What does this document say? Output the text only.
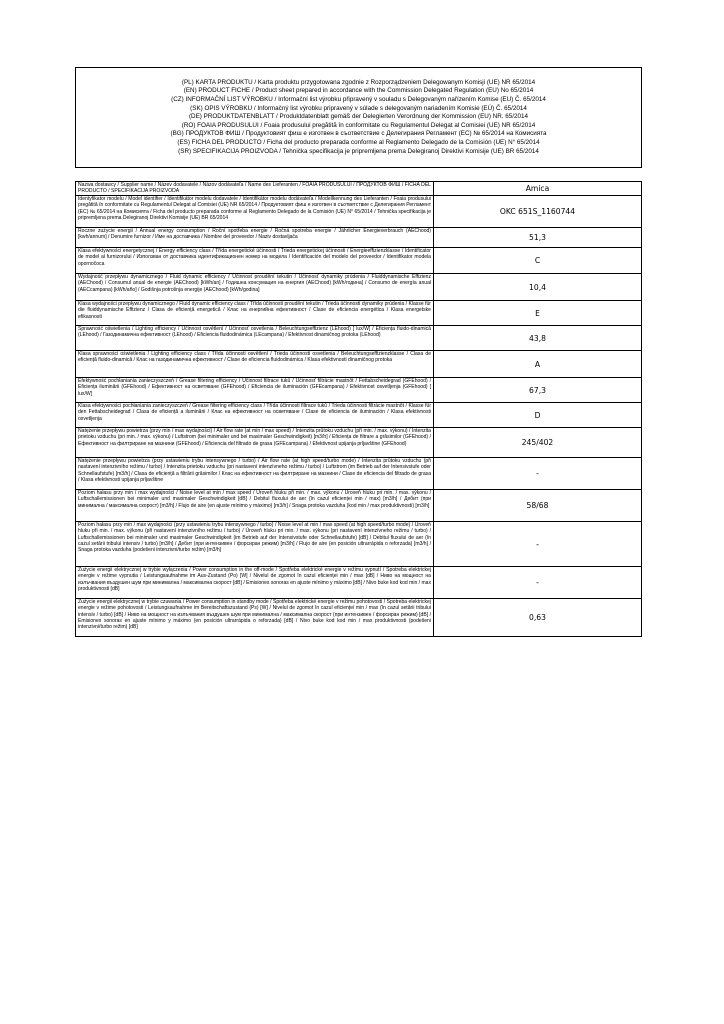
(PL) KARTA PRODUKTU / Karta produktu przygotowana zgodnie z Rozporządzeniem Delegowanym Komisji (UE) NR 65/2014
(EN) PRODUCT FICHE / Product sheet prepared in accordance with the Commission Delegated Regulation (EU) No 65/2014
(CZ) INFORMAČNÍ LIST VÝROBKU / Informační list výrobku připravený v souladu s Delegovaným nařízením Komise (EU) Č. 65/2014
(SK) OPIS VÝROBKU / Informačný list výrobku pripravený v súlade s delegovaným nariadením Komisie (EÚ) Č. 65/2014
(DE) PRODUKTDATENBLATT / Produktdatenblatt gemäß der Delegierten Verordnung der Kommission (EU) NR. 65/2014
(RO) FOAIA PRODUSULUI / Foaia produsului pregătită în conformitate cu Regulamentul Delegat al Comisiei (UE) NR 65/2014
(BG) ПРОДУКТОВ ФИШ / Продуктовият фиш е изготвен в съответствие с Делегирания Регламент (ЕС) № 65/2014 на Комисията
(ES) FICHA DEL PRODUCTO / Ficha del producto preparada conforme al Reglamento Delegado de la Comisión (UE) N° 65/2014
(SR) SPECIFIKACIJA PROIZVODA / Tehnička specifikacija je pripremljena prema Delegiranoj Direktivi Komisije (UE) BR 65/2014
Nazwa dostawcy / Supplier name / Název dodavatele / Názov dodávateľa / Name des Lieferanten / FOAIA PRODUSULUI / ПРОДУКТОВ ФИШ / FICHA DEL PRODUCTO / SPECIFIKACIJA PROIZVODA	Amica
Identyfikator modelu / Model identifier / Identifikátor modelu dodavatele / Identifikátor modelu dodávateľa / Modellkennung des Lieferanten / Foaia produsului pregătită în conformitate cu Regulamentul Delegat al Comisiei (UE) NR 65/2014 / Продуктовият фиш е изготвен в съответствие с Делегирания Регламент (ЕС) № 65/2014 на Комисията / Ficha del producto preparada conforme al Reglamento Delegado de la Comisión (UE) N° 65/2014 / Tehnička specifikacija je pripremljena prema Delegiranoj Direktivi Komisije (UE) BR 65/2014	OKC 651S_1160744
Roczne zużycie energii / Annual energy consumption / Roční spotřeba energie / Ročná spotreba energie / Jährlicher Energieverbrauch (AEChood) [kwh/annum] / Denumire furnizor / Име на доставчика / Nombre del proveedor / Naziv dostavljača	51,3
Klasa efektywności energetycznej / Energy efficiency class / Třída energetické účinnosti / Trieda energetickej účinnosti / Energieeffizienzklasse / Identificator de model al furnizorului / Използван от доставчика идентификационен номер на модела / Identificación del modelo del proveedor / Identifikator modela opornočoca	C
Wydajność przepływu dynamicznego / Fluid dynamic efficiency / Účinnost proudění tekutin / Účinnosť dynamiky prúdenia / Fluiddynamische Effizienz (AEChood) / Consumul anual de energie (AEChood) [kWh/an] / Годишна консумация на енергия (AEChood) [kWh/година] / Consumo de energía anual (AECcampana) [kWh/año] / Godišnja potrošnja energije (AEChood) [kWh/godina]	10,4
Klasa wydajności przepływu dynamicznego / Fluid dynamic efficiency class / Třída účinnosti proudění tekutin / Trieda účinnosti dynamiky prúdenia / Klasse für die fluiddynamische Effizienz / Clasa de eficiență energetică / Клас на енергийна ефективност / Clase de eficiencia energética / Klasa energetske efikasnosti	E
Sprawność oświetlenia / Lighting efficiency / Účinnost osvětlení / Účinnosť osvetlenia / Beleuchtungseffizienz (LEhood) [ lux/W] / Eficiența fluido-dinamică (LEhood) / Газодинамична ефективност (LEhood) / Eficiencia fluidodinámica (LEcampana) / Efektivnost dinamičnog protoka (LEhood)	43,8
Klasa sprawności oświetlenia / Lighting efficiency class / Třída účinnosti osvětlení / Trieda účinnosti osvetlenia / Beleuchtungseffizienzklasse / Clasa de eficiență fluido-dinamică / Клас на газодинамична ефективност / Clase de eficiencia fluidodinámica / Klasa efektivnosti dinamičnog protoka	A
Efektywność pochłaniania zanieczyszczeń / Grease filtering efficiency / Účinnost filtrace tuků / Účinnosť filtrácie mastnôt / Fettabscheidegrad (GFEhood) / Eficiența iluminării (GFEhood) / Ефективност на осветяване (GFEhood) / Eficiencia de iluminación (GFEcampana) / Efektivnost osvetljenja (GFEhood) [ lux/W]	67,3
Klasa efektywności pochłaniania zanieczyszczeń / Grease filtering efficiency class / Třída účinnosti filtrace tuků / Trieda účinnosti filtrácie mastnôt / Klasse für den Fettabscheidegrad / Clasa de eficiență a iluminării / Клас на ефективност на осветяване / Clase de eficiencia de iluminación / Klasa efektivnosti osvetljenja	D
Natężenie przepływu powietrza (przy min / max wydajności) / Air flow rate (at min / max speed) / Intenzita průtoku vzduchu (při min. / max. výkonu) / Intenzita prietoku vzduchu (pri min. / max. výkonu) / Luftstrom (bei minimaler und bei maximaler Geschwindigkeit) [m3/h] / Eficiența de filtrare a grăsimilor (GFEhood) / Ефективност на филтриране на мазнини (GFEhood) / Eficiencia del filtrado de grasa (GFEcampana) / Efektivnost upijanja prljavštine (GFEhood)	245/402
Natężenie przepływu powietrza (przy ustawieniu trybu intensywnego / turbo) / Air flow rate (at high speed/turbo mode) / Intenzita průtoku vzduchu (při nastavení intenzivního režimu / turbo) / Intenzita prietoku vzduchu (pri nastavení intenzívneho režimu / turbo) / Luftstrom (im Betrieb auf der Intensivstufe oder Schnellaufstufe) [m3/h] / Clasa de eficiență a filtrării grăsimilor / Клас на ефективност на филтриране на мазнини / Clase de eficiencia del filtrado de grasa / Klasa efektivnosti upijanja prljavštine	-
Poziom hałasu przy min / max wydajności / Noise level at min / max speed / Úroveň hluku při min. / max. výkonu / Úroveň hluku pri min. / max. výkonu / Luftschallemissionen bei minimaler und maximaler Geschwindigkeit [dB] / Debitul fluxului de aer (în cazul eficienței min / max) [m3/h] / Дебит (при минимална / максимална скорост) [m3/h] / Flujo de aire (en ajuste mínimo y máximo) [m3/h] / Snaga protoka vazduha (kod min / max produktivnosti) [m3/h]	58/68
Poziom hałasu przy min / max wydajności (przy ustawieniu trybu intensywnego / turbo) / Noise level at min / max speed (at high speed/turbo mode) / Úroveň hluku při min. / max. výkonu (při nastavení intenzivního režimu / turbo) / Úroveň hluku pri min. / max. výkonu (pri nastavení intenzívneho režimu / turbo) / Luftschallemissionen bei minimaler und maximaler Geschwindigkeit (im Betrieb auf der Intensivstufe oder Schnellaufstufe) [dB] / Debitul fluxului de aer (în cazul setării tribului intensiv / turbo) [m3/h] / Дебит (при интензивен / форсиран режим) [m3/h] / Flujo de aire (en posición ultrarrápida o reforzada) [m3/h] / Snaga protoka vazduha (podešeni intenzivni/turbo režim) [m3/h]	-
Zużycie energii elektrycznej w trybie wyłączenia / Power consumption in the off-mode / Spotřeba elektrické energie v režimu vypnutí / Spotreba elektrickej energie v režime vypnutia / Leistungsaufnahme im Aus-Zustand (Po) [W] / Nivelul de zgomot în cazul eficienței min / max [dB] / Ниво на мощност на излъчвания въздушен шум при минимална / максимална скорост [dB] / Emisiones sonoras en ajuste mínimo y máximo [dB] / Nivo buke kod kod min / max produktivnosti [dB]	-
Zużycie energii elektrycznej w trybie czuwania / Power consumption in standby mode / Spotřeba elektrické energie v režimu pohotovosti / Spotreba elektrickej energie v režime pohotovosti / Leistungsaufnahme im Bereitschaftszustand (Ps) [W] / Nivelul de zgomot în cazul eficienței min / max (în cazul setării tribului intensiv / turbo) [dB] / Ниво на мощност на излъчвания въздушен шум при минимална / максимална скорост (при интензивен / форсиран режим) [dB] / Emisiones sonoras en ajuste mínimo y máximo (en posición ultrarrápida o reforzada) [dB] / Nivo buke kod kod min / max produktivnosti (podešeni intenzivni/turbo režim) [dB]	0,63
